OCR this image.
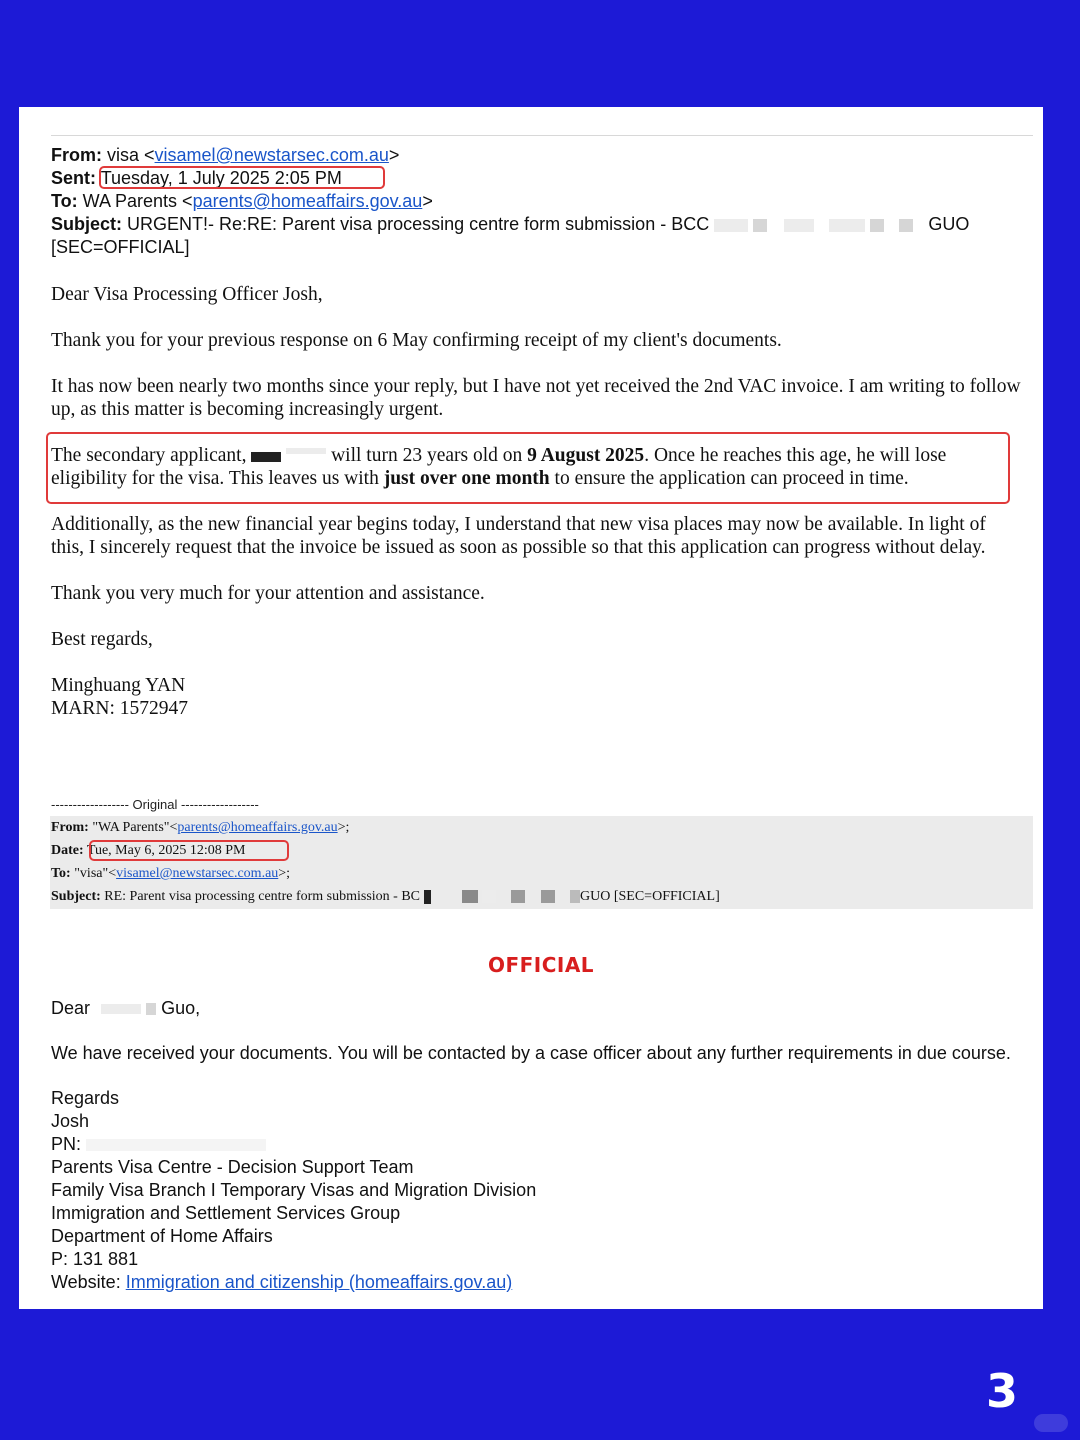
From: visa <visamel@newstarsec.com.au>
Sent: Tuesday, 1 July 2025 2:05 PM
To: WA Parents <parents@homeaffairs.gov.au>
Subject: URGENT!- Re:RE: Parent visa processing centre form submission - BCC	GUO
[SEC=OFFICIAL]

Dear Visa Processing Officer Josh,

Thank you for your previous response on 6 May confirming receipt of my client's documents.

It has now been nearly two months since your reply, but I have not yet received the 2nd VAC invoice. I am writing to follow up, as this matter is becoming increasingly urgent.

The secondary applicant,	will turn 23 years old on 9 August 2025. Once he reaches this age, he will lose eligibility for the visa. This leaves us with just over one month to ensure the application can proceed in time.

Additionally, as the new financial year begins today, I understand that new visa places may now be available. In light of this, I sincerely request that the invoice be issued as soon as possible so that this application can progress without delay.

Thank you very much for your attention and assistance.

Best regards,

Minghuang YAN
MARN: 1572947
------------------ Original ------------------
From: "WA Parents"<parents@homeaffairs.gov.au>;
Date: Tue, May 6, 2025 12:08 PM
To: "visa"<visamel@newstarsec.com.au>;
Subject: RE: Parent visa processing centre form submission - BC	GUO [SEC=OFFICIAL]
OFFICIAL

Dear	Guo,

We have received your documents. You will be contacted by a case officer about any further requirements in due course.

Regards
Josh
PN:
Parents Visa Centre - Decision Support Team
Family Visa Branch I Temporary Visas and Migration Division
Immigration and Settlement Services Group
Department of Home Affairs
P: 131 881
Website: Immigration and citizenship (homeaffairs.gov.au)
3
